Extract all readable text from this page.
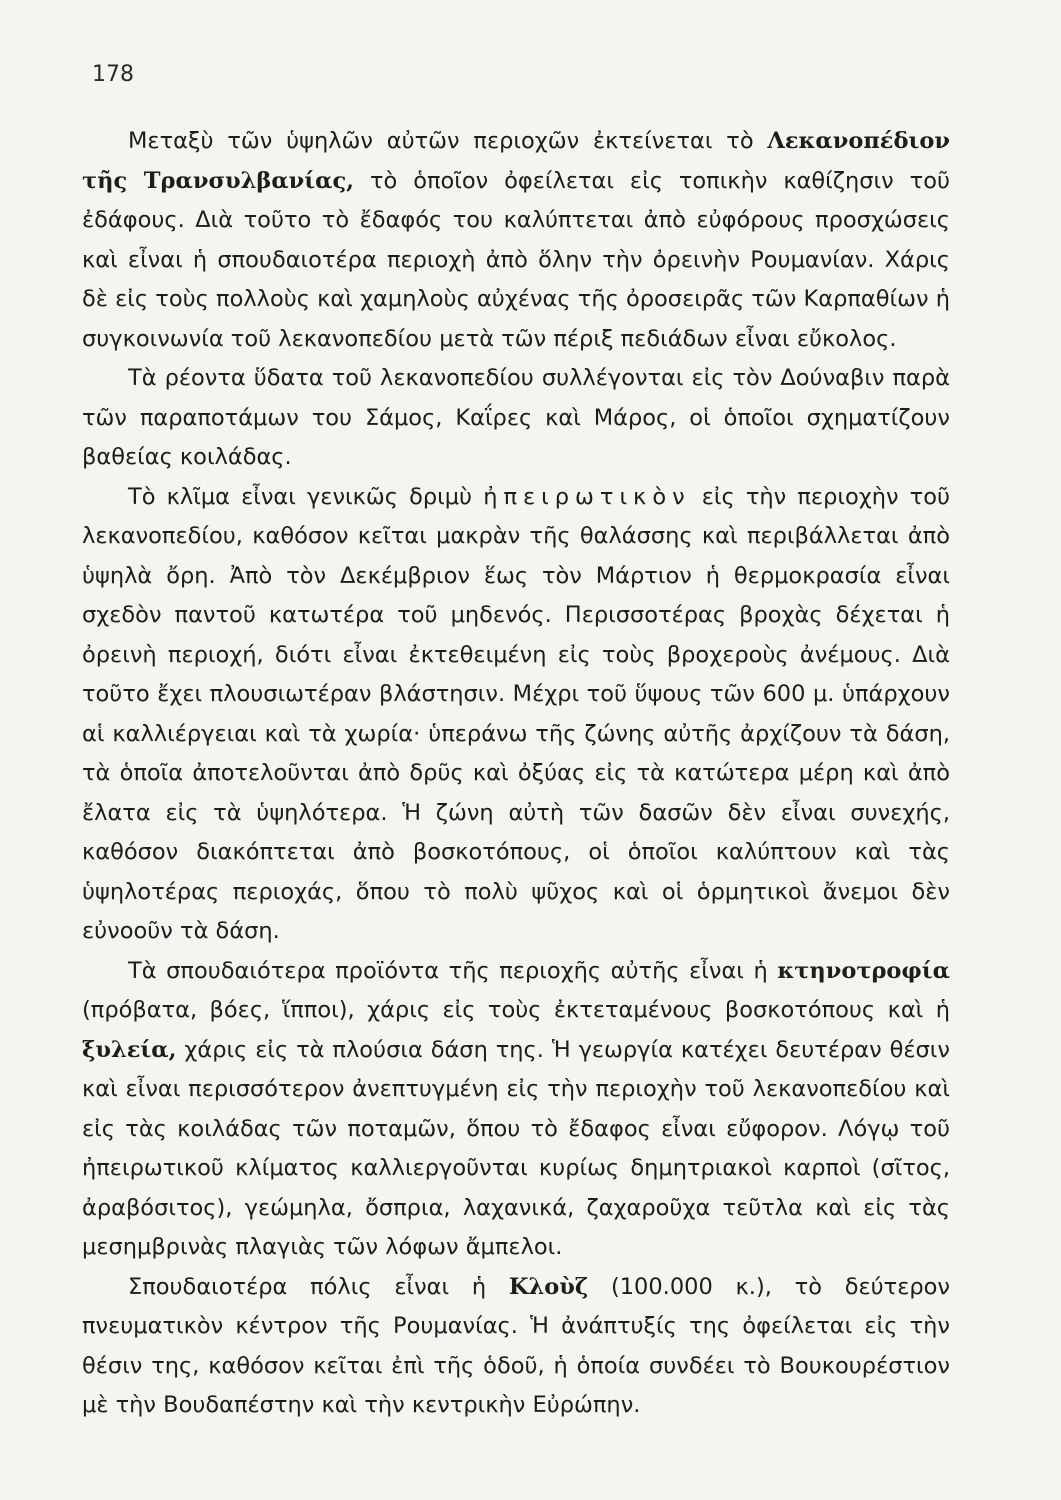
178

Μεταξὺ τῶν ὑψηλῶν αὐτῶν περιοχῶν ἐκτείνεται τὸ Λεκανοπέδιον τῆς Τρανσυλβανίας, τὸ ὁποῖον ὀφείλεται εἰς τοπικὴν καθίζησιν τοῦ ἐδάφους. Διὰ τοῦτο τὸ ἔδαφός του καλύπτεται ἀπὸ εὐφόρους προσχώσεις καὶ εἶναι ἡ σπουδαιοτέρα περιοχὴ ἀπὸ ὅλην τὴν ὀρεινὴν Ρουμανίαν. Χάρις δὲ εἰς τοὺς πολλοὺς καὶ χαμηλοὺς αὐχένας τῆς ὀροσειρᾶς τῶν Καρπαθίων ἡ συγκοινωνία τοῦ λεκανοπεδίου μετὰ τῶν πέριξ πεδιάδων εἶναι εὔκολος.

Τὰ ρέοντα ὕδατα τοῦ λεκανοπεδίου συλλέγονται εἰς τὸν Δούναβιν παρὰ τῶν παραποτάμων του Σάμος, Καΐρες καὶ Μάρος, οἱ ὁποῖοι σχηματίζουν βαθείας κοιλάδας.

Τὸ κλῖμα εἶναι γενικῶς δριμὺ ἠπειρωτικὸν εἰς τὴν περιοχὴν τοῦ λεκανοπεδίου, καθόσον κεῖται μακρὰν τῆς θαλάσσης καὶ περιβάλλεται ἀπὸ ὑψηλὰ ὄρη. Ἀπὸ τὸν Δεκέμβριον ἕως τὸν Μάρτιον ἡ θερμοκρασία εἶναι σχεδὸν παντοῦ κατωτέρα τοῦ μηδενός. Περισσοτέρας βροχὰς δέχεται ἡ ὀρεινὴ περιοχή, διότι εἶναι ἐκτεθειμένη εἰς τοὺς βροχεροὺς ἀνέμους. Διὰ τοῦτο ἔχει πλουσιωτέραν βλάστησιν. Μέχρι τοῦ ὕψους τῶν 600 μ. ὑπάρχουν αἱ καλλιέργειαι καὶ τὰ χωρία· ὑπεράνω τῆς ζώνης αὐτῆς ἀρχίζουν τὰ δάση, τὰ ὁποῖα ἀποτελοῦνται ἀπὸ δρῦς καὶ ὀξύας εἰς τὰ κατώτερα μέρη καὶ ἀπὸ ἔλατα εἰς τὰ ὑψηλότερα. Ἡ ζώνη αὐτὴ τῶν δασῶν δὲν εἶναι συνεχής, καθόσον διακόπτεται ἀπὸ βοσκοτόπους, οἱ ὁποῖοι καλύπτουν καὶ τὰς ὑψηλοτέρας περιοχάς, ὅπου τὸ πολὺ ψῦχος καὶ οἱ ὁρμητικοὶ ἄνεμοι δὲν εὐνοοῦν τὰ δάση.

Τὰ σπουδαιότερα προϊόντα τῆς περιοχῆς αὐτῆς εἶναι ἡ κτηνοτροφία (πρόβατα, βόες, ἵπποι), χάρις εἰς τοὺς ἐκτεταμένους βοσκοτόπους καὶ ἡ ξυλεία, χάρις εἰς τὰ πλούσια δάση της. Ἡ γεωργία κατέχει δευτέραν θέσιν καὶ εἶναι περισσότερον ἀνεπτυγμένη εἰς τὴν περιοχὴν τοῦ λεκανοπεδίου καὶ εἰς τὰς κοιλάδας τῶν ποταμῶν, ὅπου τὸ ἔδαφος εἶναι εὔφορον. Λόγῳ τοῦ ἠπειρωτικοῦ κλίματος καλλιεργοῦνται κυρίως δημητριακοὶ καρποὶ (σῖτος, ἀραβόσιτος), γεώμηλα, ὄσπρια, λαχανικά, ζαχαροῦχα τεῦτλα καὶ εἰς τὰς μεσημβρινὰς πλαγιὰς τῶν λόφων ἄμπελοι.

Σπουδαιοτέρα πόλις εἶναι ἡ Κλοὺζ (100.000 κ.), τὸ δεύτερον πνευματικὸν κέντρον τῆς Ρουμανίας. Ἡ ἀνάπτυξίς της ὀφείλεται εἰς τὴν θέσιν της, καθόσον κεῖται ἐπὶ τῆς ὁδοῦ, ἡ ὁποία συνδέει τὸ Βουκουρέστιον μὲ τὴν Βουδαπέστην καὶ τὴν κεντρικὴν Εὐρώπην.
